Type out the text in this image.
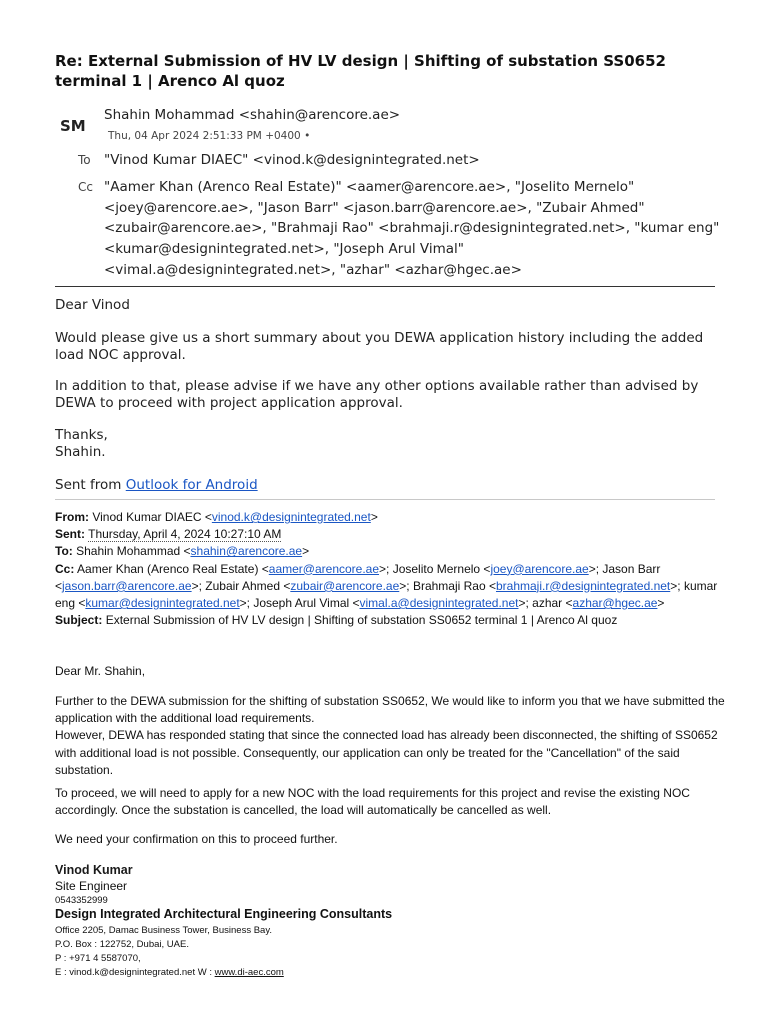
Re: External Submission of HV LV design | Shifting of substation SS0652 terminal 1 | Arenco Al quoz
SM
Shahin Mohammad <shahin@arencore.ae>
Thu, 04 Apr 2024 2:51:33 PM +0400 •
To "Vinod Kumar DIAEC" <vinod.k@designintegrated.net>
Cc "Aamer Khan (Arenco Real Estate)" <aamer@arencore.ae>, "Joselito Mernelo"
<joey@arencore.ae>, "Jason Barr" <jason.barr@arencore.ae>, "Zubair Ahmed"
<zubair@arencore.ae>, "Brahmaji Rao" <brahmaji.r@designintegrated.net>, "kumar eng"
<kumar@designintegrated.net>, "Joseph Arul Vimal"
<vimal.a@designintegrated.net>, "azhar" <azhar@hgec.ae>
Dear Vinod
Would please give us a short summary about you DEWA application history including the added load NOC approval.
In addition to that, please advise if we have any other options available rather than advised by DEWA to proceed with project application approval.
Thanks,
Shahin.
Sent from Outlook for Android
From: Vinod Kumar DIAEC <vinod.k@designintegrated.net>
Sent: Thursday, April 4, 2024 10:27:10 AM
To: Shahin Mohammad <shahin@arencore.ae>
Cc: Aamer Khan (Arenco Real Estate) <aamer@arencore.ae>; Joselito Mernelo <joey@arencore.ae>; Jason Barr <jason.barr@arencore.ae>; Zubair Ahmed <zubair@arencore.ae>; Brahmaji Rao <brahmaji.r@designintegrated.net>; kumar eng <kumar@designintegrated.net>; Joseph Arul Vimal <vimal.a@designintegrated.net>; azhar <azhar@hgec.ae>
Subject: External Submission of HV LV design | Shifting of substation SS0652 terminal 1 | Arenco Al quoz
Dear Mr. Shahin,
Further to the DEWA submission for the shifting of substation SS0652, We would like to inform you that we have submitted the application with the additional load requirements.
However, DEWA has responded stating that since the connected load has already been disconnected, the shifting of SS0652 with additional load is not possible. Consequently, our application can only be treated for the "Cancellation" of the said substation.
To proceed, we will need to apply for a new NOC with the load requirements for this project and revise the existing NOC accordingly. Once the substation is cancelled, the load will automatically be cancelled as well.
We need your confirmation on this to proceed further.
Vinod Kumar
Site Engineer
0543352999
Design Integrated Architectural Engineering Consultants
Office 2205, Damac Business Tower, Business Bay.
P.O. Box : 122752, Dubai, UAE.
P : +971 4 5587070,
E : vinod.k@designintegrated.net W : www.di-aec.com
